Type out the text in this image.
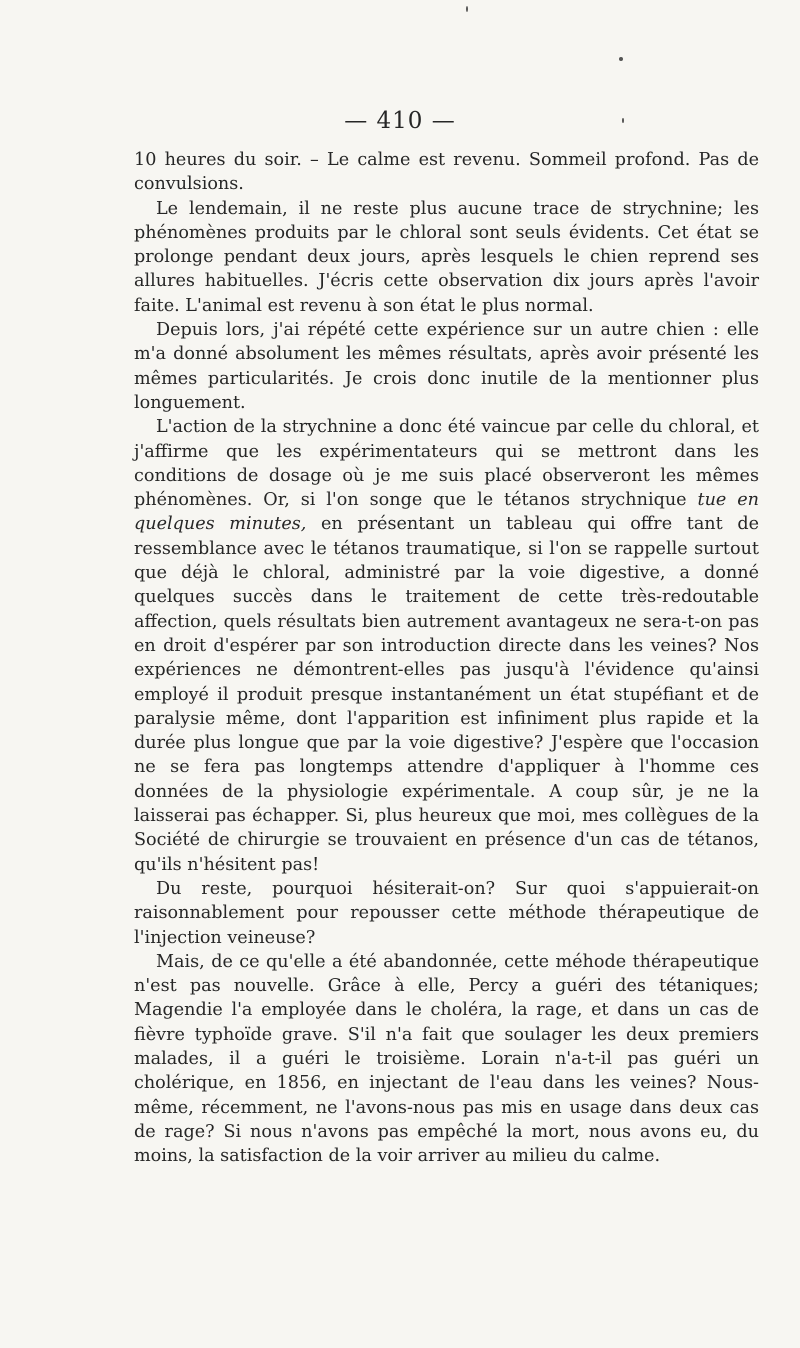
— 410 —

10 heures du soir. – Le calme est revenu. Sommeil profond. Pas de convulsions.

Le lendemain, il ne reste plus aucune trace de strychnine; les phénomènes produits par le chloral sont seuls évidents. Cet état se prolonge pendant deux jours, après lesquels le chien reprend ses allures habituelles. J'écris cette observation dix jours après l'avoir faite. L'animal est revenu à son état le plus normal.

Depuis lors, j'ai répété cette expérience sur un autre chien : elle m'a donné absolument les mêmes résultats, après avoir présenté les mêmes particularités. Je crois donc inutile de la mentionner plus longuement.

L'action de la strychnine a donc été vaincue par celle du chloral, et j'affirme que les expérimentateurs qui se mettront dans les conditions de dosage où je me suis placé observeront les mêmes phénomènes. Or, si l'on songe que le tétanos strychnique tue en quelques minutes, en présentant un tableau qui offre tant de ressemblance avec le tétanos traumatique, si l'on se rappelle surtout que déjà le chloral, administré par la voie digestive, a donné quelques succès dans le traitement de cette très-redoutable affection, quels résultats bien autrement avantageux ne sera-t-on pas en droit d'espérer par son introduction directe dans les veines? Nos expériences ne démontrent-elles pas jusqu'à l'évidence qu'ainsi employé il produit presque instantanément un état stupéfiant et de paralysie même, dont l'apparition est infiniment plus rapide et la durée plus longue que par la voie digestive? J'espère que l'occasion ne se fera pas longtemps attendre d'appliquer à l'homme ces données de la physiologie expérimentale. A coup sûr, je ne la laisserai pas échapper. Si, plus heureux que moi, mes collègues de la Société de chirurgie se trouvaient en présence d'un cas de tétanos, qu'ils n'hésitent pas!

Du reste, pourquoi hésiterait-on? Sur quoi s'appuierait-on raisonnablement pour repousser cette méthode thérapeutique de l'injection veineuse?

Mais, de ce qu'elle a été abandonnée, cette méhode thérapeutique n'est pas nouvelle. Grâce à elle, Percy a guéri des tétaniques; Magendie l'a employée dans le choléra, la rage, et dans un cas de fièvre typhoïde grave. S'il n'a fait que soulager les deux premiers malades, il a guéri le troisième. Lorain n'a-t-il pas guéri un cholérique, en 1856, en injectant de l'eau dans les veines? Nous-même, récemment, ne l'avons-nous pas mis en usage dans deux cas de rage? Si nous n'avons pas empêché la mort, nous avons eu, du moins, la satisfaction de la voir arriver au milieu du calme.
